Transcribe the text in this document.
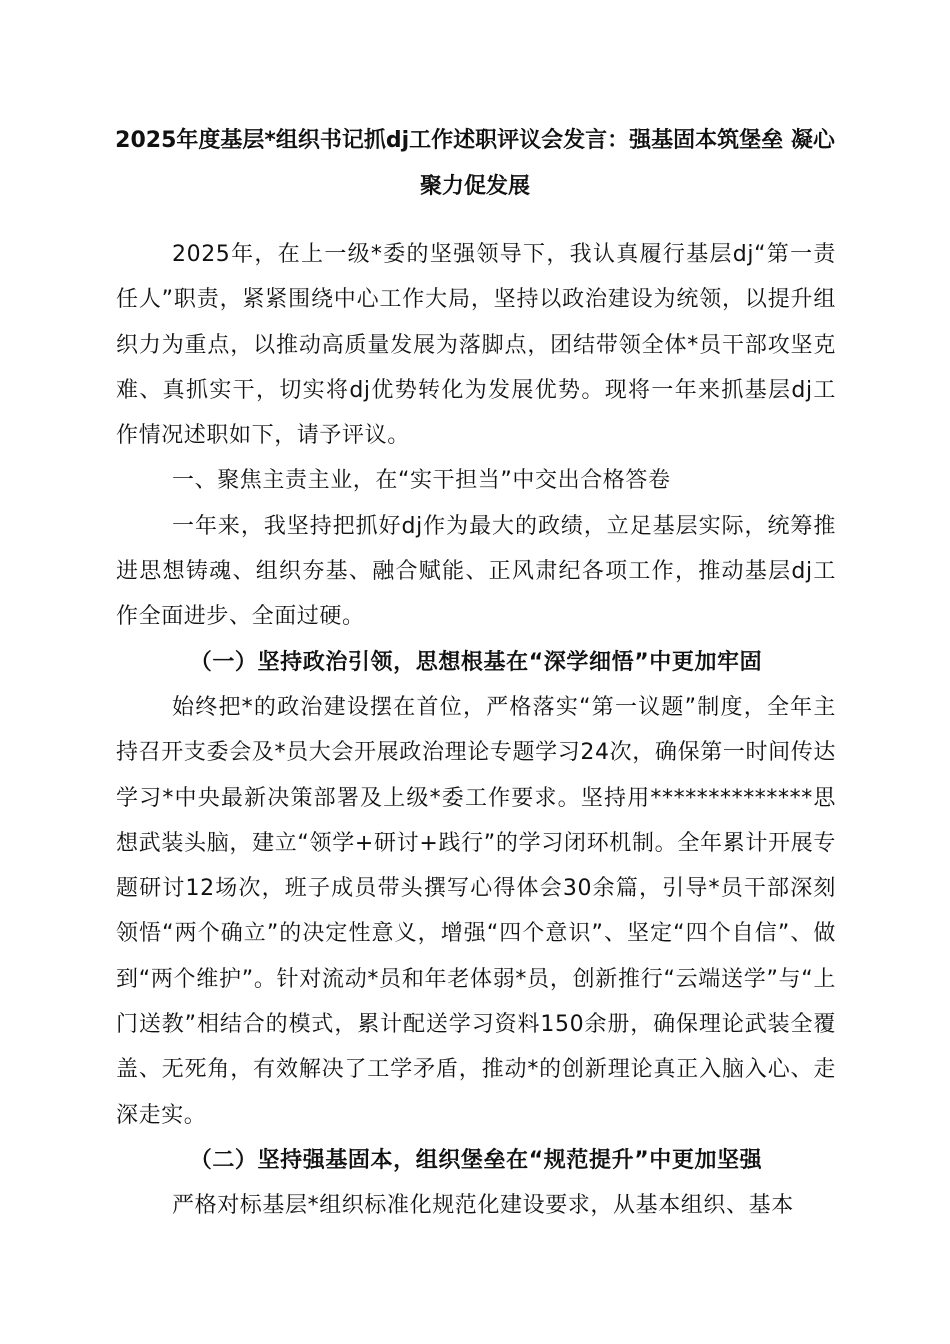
2025年度基层*组织书记抓dj工作述职评议会发言：强基固本筑堡垒 凝心聚力促发展

2025年，在上一级*委的坚强领导下，我认真履行基层dj“第一责任人”职责，紧紧围绕中心工作大局，坚持以政治建设为统领，以提升组织力为重点，以推动高质量发展为落脚点，团结带领全体*员干部攻坚克难、真抓实干，切实将dj优势转化为发展优势。现将一年来抓基层dj工作情况述职如下，请予评议。

一、聚焦主责主业，在“实干担当”中交出合格答卷

一年来，我坚持把抓好dj作为最大的政绩，立足基层实际，统筹推进思想铸魂、组织夯基、融合赋能、正风肃纪各项工作，推动基层dj工作全面进步、全面过硬。

（一）坚持政治引领，思想根基在“深学细悟”中更加牢固

始终把*的政治建设摆在首位，严格落实“第一议题”制度，全年主持召开支委会及*员大会开展政治理论专题学习24次，确保第一时间传达学习*中央最新决策部署及上级*委工作要求。坚持用**************思想武装头脑，建立“领学+研讨+践行”的学习闭环机制。全年累计开展专题研讨12场次，班子成员带头撰写心得体会30余篇，引导*员干部深刻领悟“两个确立”的决定性意义，增强“四个意识”、坚定“四个自信”、做到“两个维护”。针对流动*员和年老体弱*员，创新推行“云端送学”与“上门送教”相结合的模式，累计配送学习资料150余册，确保理论武装全覆盖、无死角，有效解决了工学矛盾，推动*的创新理论真正入脑入心、走深走实。

（二）坚持强基固本，组织堡垒在“规范提升”中更加坚强

严格对标基层*组织标准化规范化建设要求，从基本组织、基本
